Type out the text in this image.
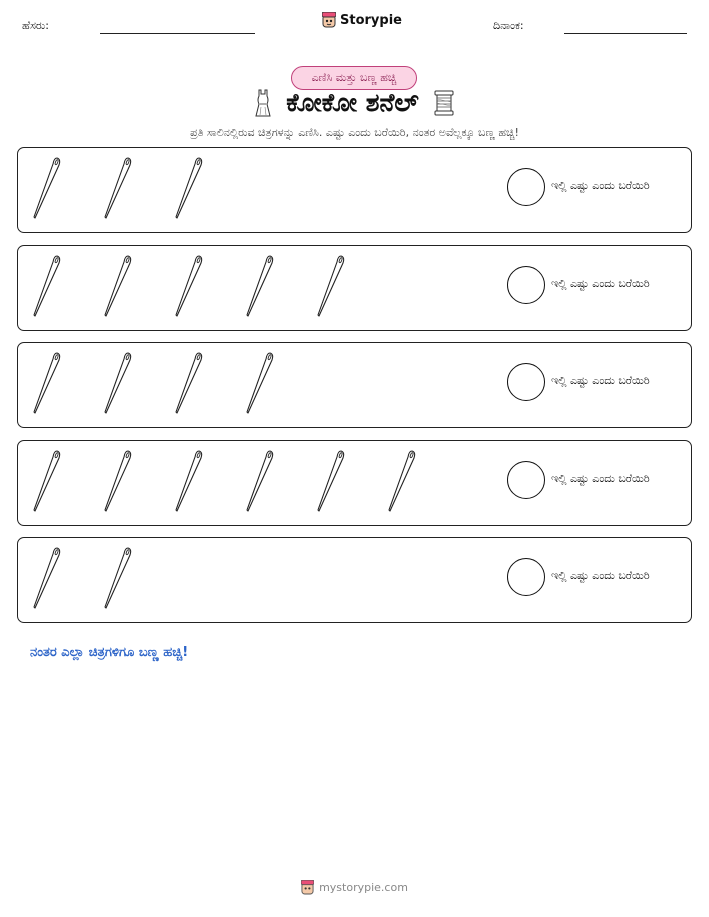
ಹೆಸರು:	Storypie	ದಿನಾಂಕ:
ಎಣಿಸಿ ಮತ್ತು ಬಣ್ಣ ಹಚ್ಚಿ
ಕೋಕೋ ಶನೆಲ್
ಪ್ರತಿ ಸಾಲಿನಲ್ಲಿರುವ ಚಿತ್ರಗಳನ್ನು ಎಣಿಸಿ. ಎಷ್ಟು ಎಂದು ಬರೆಯಿರಿ, ನಂತರ ಅವೆಲ್ಲಕ್ಕೂ ಬಣ್ಣ ಹಚ್ಚಿ!
ಇಲ್ಲಿ ಎಷ್ಟು ಎಂದು ಬರೆಯಿರಿ
ಇಲ್ಲಿ ಎಷ್ಟು ಎಂದು ಬರೆಯಿರಿ
ಇಲ್ಲಿ ಎಷ್ಟು ಎಂದು ಬರೆಯಿರಿ
ಇಲ್ಲಿ ಎಷ್ಟು ಎಂದು ಬರೆಯಿರಿ
ಇಲ್ಲಿ ಎಷ್ಟು ಎಂದು ಬರೆಯಿರಿ
ನಂತರ ಎಲ್ಲಾ ಚಿತ್ರಗಳಿಗೂ ಬಣ್ಣ ಹಚ್ಚಿ!
mystorypie.com
